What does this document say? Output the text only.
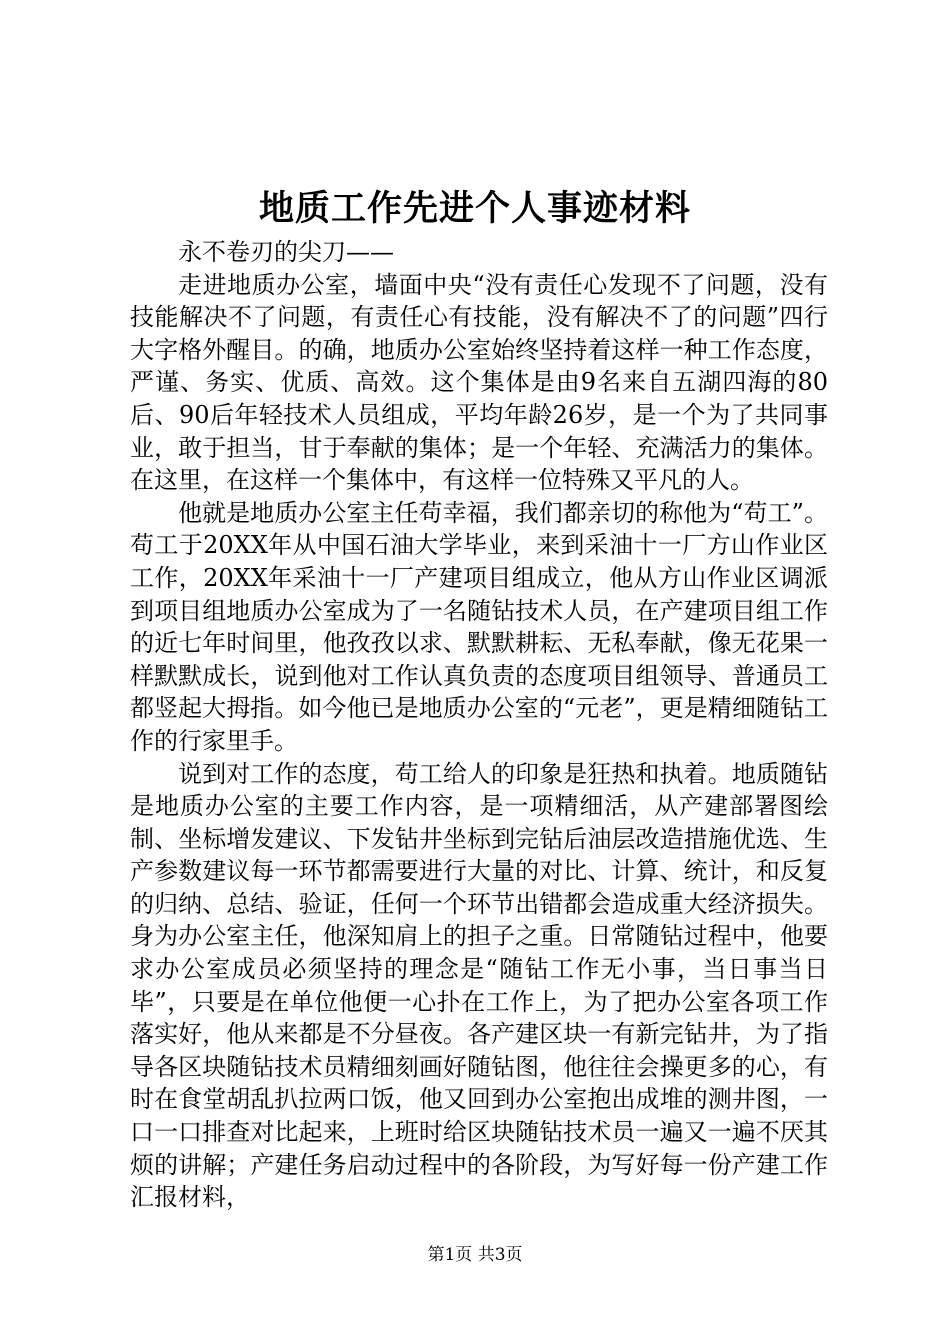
地质工作先进个人事迹材料

永不卷刃的尖刀——

走进地质办公室，墙面中央“没有责任心发现不了问题，没有技能解决不了问题，有责任心有技能，没有解决不了的问题”四行大字格外醒目。的确，地质办公室始终坚持着这样一种工作态度，严谨、务实、优质、高效。这个集体是由9名来自五湖四海的80后、90后年轻技术人员组成，平均年龄26岁，是一个为了共同事业，敢于担当，甘于奉献的集体；是一个年轻、充满活力的集体。在这里，在这样一个集体中，有这样一位特殊又平凡的人。

他就是地质办公室主任苟幸福，我们都亲切的称他为“苟工”。苟工于20XX年从中国石油大学毕业，来到采油十一厂方山作业区工作，20XX年采油十一厂产建项目组成立，他从方山作业区调派到项目组地质办公室成为了一名随钻技术人员，在产建项目组工作的近七年时间里，他孜孜以求、默默耕耘、无私奉献，像无花果一样默默成长，说到他对工作认真负责的态度项目组领导、普通员工都竖起大拇指。如今他已是地质办公室的“元老”，更是精细随钻工作的行家里手。

说到对工作的态度，苟工给人的印象是狂热和执着。地质随钻是地质办公室的主要工作内容，是一项精细活，从产建部署图绘制、坐标增发建议、下发钻井坐标到完钻后油层改造措施优选、生产参数建议每一环节都需要进行大量的对比、计算、统计，和反复的归纳、总结、验证，任何一个环节出错都会造成重大经济损失。身为办公室主任，他深知肩上的担子之重。日常随钻过程中，他要求办公室成员必须坚持的理念是“随钻工作无小事，当日事当日毕”，只要是在单位他便一心扑在工作上，为了把办公室各项工作落实好，他从来都是不分昼夜。各产建区块一有新完钻井，为了指导各区块随钻技术员精细刻画好随钻图，他往往会操更多的心，有时在食堂胡乱扒拉两口饭，他又回到办公室抱出成堆的测井图，一口一口排查对比起来，上班时给区块随钻技术员一遍又一遍不厌其烦的讲解；产建任务启动过程中的各阶段，为写好每一份产建工作汇报材料，

第1页 共3页
